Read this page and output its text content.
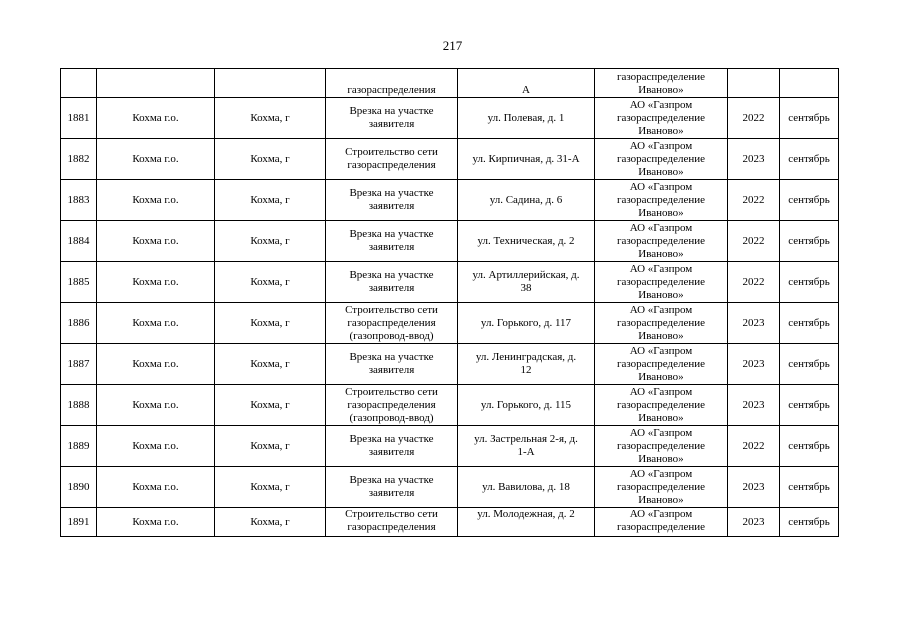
217

			газораспределения	А	газораспределение
Иваново»		

1881	Кохма г.о.	Кохма, г	Врезка на участке
заявителя	ул. Полевая, д. 1	АО «Газпром
газораспределение
Иваново»	2022	сентябрь
1882	Кохма г.о.	Кохма, г	Строительство сети
газораспределения	ул. Кирпичная, д. 31-А	АО «Газпром
газораспределение
Иваново»	2023	сентябрь
1883	Кохма г.о.	Кохма, г	Врезка на участке
заявителя	ул. Садина, д. 6	АО «Газпром
газораспределение
Иваново»	2022	сентябрь
1884	Кохма г.о.	Кохма, г	Врезка на участке
заявителя	ул. Техническая, д. 2	АО «Газпром
газораспределение
Иваново»	2022	сентябрь
1885	Кохма г.о.	Кохма, г	Врезка на участке
заявителя	ул. Артиллерийская, д.
38	АО «Газпром
газораспределение
Иваново»	2022	сентябрь
1886	Кохма г.о.	Кохма, г	Строительство сети
газораспределения
(газопровод-ввод)	ул. Горького, д. 117	АО «Газпром
газораспределение
Иваново»	2023	сентябрь
1887	Кохма г.о.	Кохма, г	Врезка на участке
заявителя	ул. Ленинградская, д.
12	АО «Газпром
газораспределение
Иваново»	2023	сентябрь
1888	Кохма г.о.	Кохма, г	Строительство сети
газораспределения
(газопровод-ввод)	ул. Горького, д. 115	АО «Газпром
газораспределение
Иваново»	2023	сентябрь
1889	Кохма г.о.	Кохма, г	Врезка на участке
заявителя	ул. Застрельная 2-я, д.
1-А	АО «Газпром
газораспределение
Иваново»	2022	сентябрь
1890	Кохма г.о.	Кохма, г	Врезка на участке
заявителя	ул. Вавилова, д. 18	АО «Газпром
газораспределение
Иваново»	2023	сентябрь
1891	Кохма г.о.	Кохма, г	Строительство сети
газораспределения	ул. Молодежная, д. 2	АО «Газпром
газораспределение	2023	сентябрь
